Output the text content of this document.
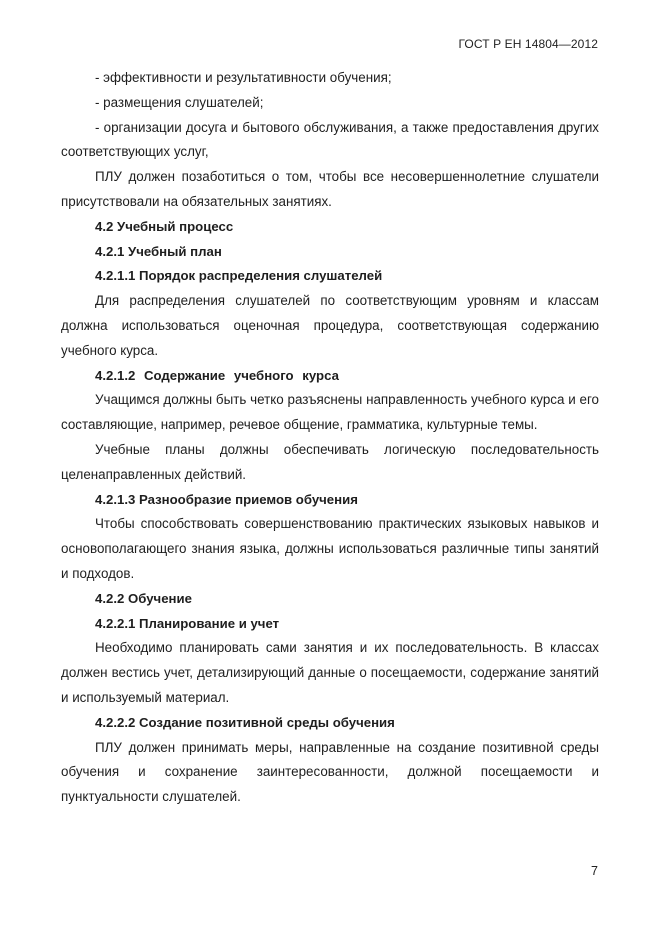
ГОСТ Р ЕН 14804—2012

- эффективности и результативности обучения;

- размещения слушателей;

- организации досуга и бытового обслуживания, а также предоставления других соответствующих услуг,

ПЛУ должен позаботиться о том, чтобы все несовершеннолетние слушатели присутствовали на обязательных занятиях.

4.2 Учебный процесс

4.2.1 Учебный план

4.2.1.1 Порядок распределения слушателей

Для распределения слушателей по соответствующим уровням и классам должна использоваться оценочная процедура, соответствующая содержанию учебного курса.

4.2.1.2 Содержание учебного курса

Учащимся должны быть четко разъяснены направленность учебного курса и его составляющие, например, речевое общение, грамматика, культурные темы.

Учебные планы должны обеспечивать логическую последовательность целенаправленных действий.

4.2.1.3 Разнообразие приемов обучения

Чтобы способствовать совершенствованию практических языковых навыков и основополагающего знания языка, должны использоваться различные типы занятий и подходов.

4.2.2 Обучение

4.2.2.1 Планирование и учет

Необходимо планировать сами занятия и их последовательность. В классах должен вестись учет, детализирующий данные о посещаемости, содержание занятий и используемый материал.

4.2.2.2 Создание позитивной среды обучения

ПЛУ должен принимать меры, направленные на создание позитивной среды обучения и сохранение заинтересованности, должной посещаемости и пунктуальности слушателей.

7
